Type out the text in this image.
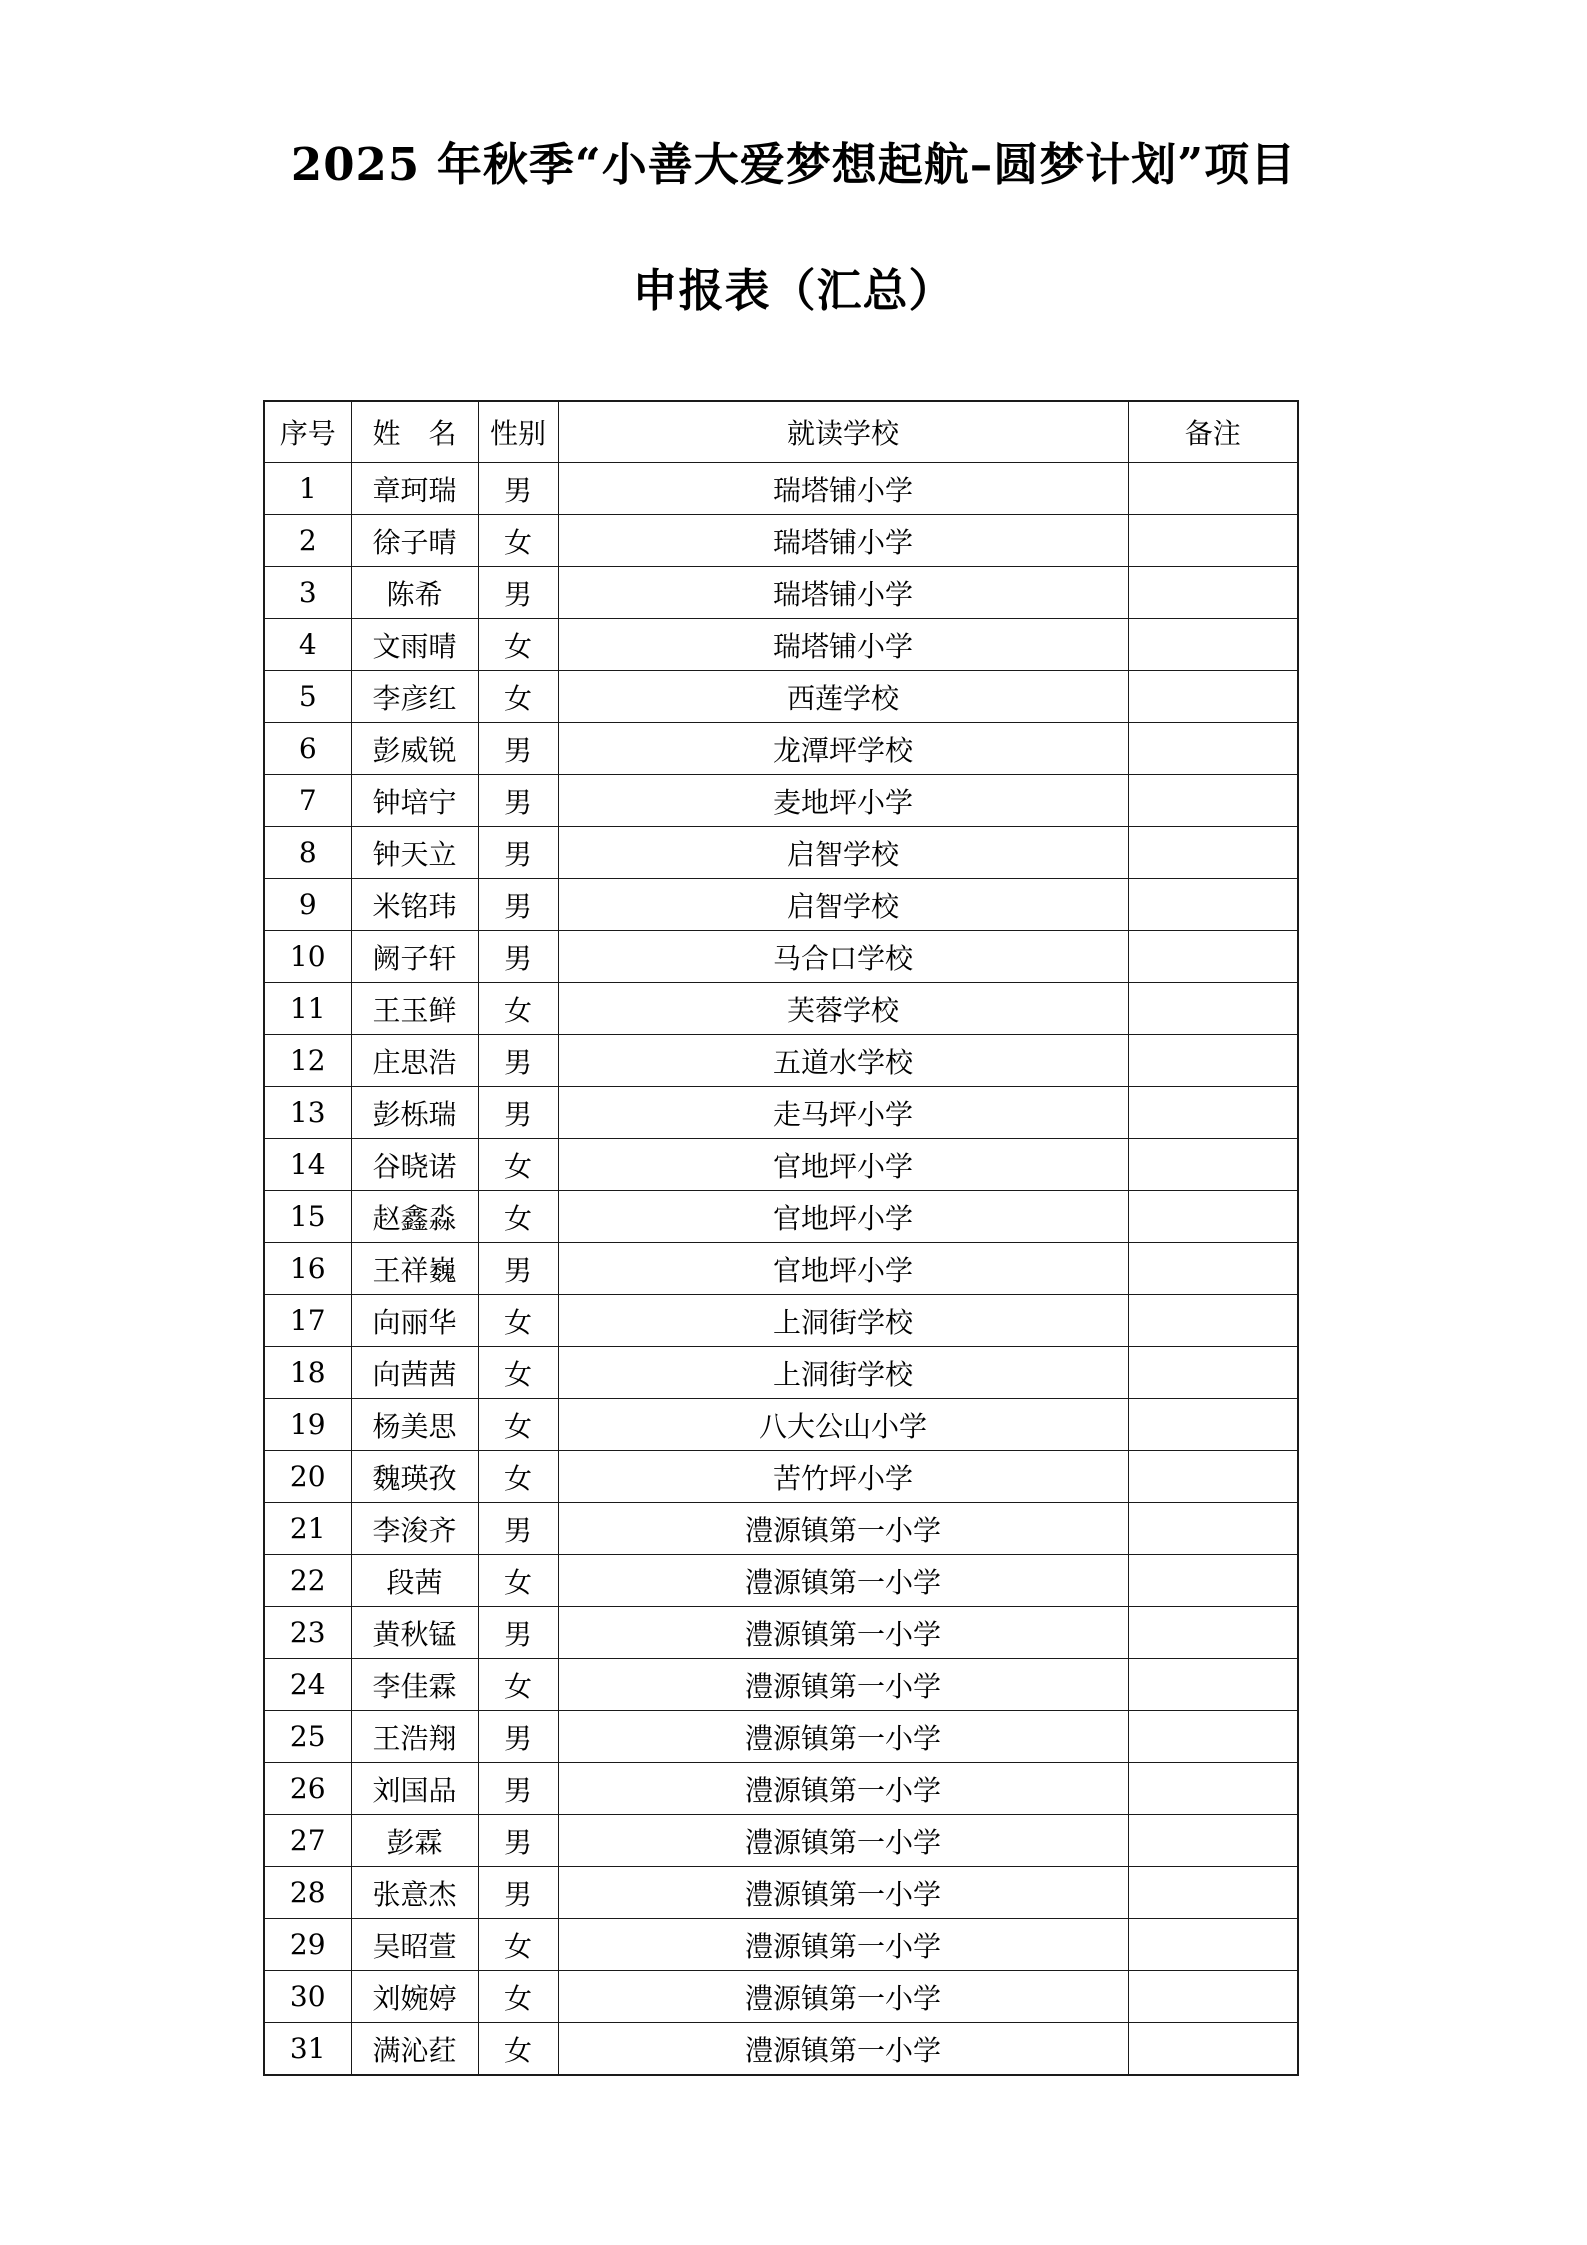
2025 年秋季“小善大爱梦想起航–圆梦计划”项目
申报表（汇总）
序号	姓　名	性别	就读学校	备注
1	章珂瑞	男	瑞塔铺小学	
2	徐子晴	女	瑞塔铺小学	
3	陈希	男	瑞塔铺小学	
4	文雨晴	女	瑞塔铺小学	
5	李彦红	女	西莲学校	
6	彭威锐	男	龙潭坪学校	
7	钟培宁	男	麦地坪小学	
8	钟天立	男	启智学校	
9	米铭玮	男	启智学校	
10	阙子轩	男	马合口学校	
11	王玉鲜	女	芙蓉学校	
12	庄思浩	男	五道水学校	
13	彭栎瑞	男	走马坪小学	
14	谷晓诺	女	官地坪小学	
15	赵鑫淼	女	官地坪小学	
16	王祥巍	男	官地坪小学	
17	向丽华	女	上洞街学校	
18	向茜茜	女	上洞街学校	
19	杨美思	女	八大公山小学	
20	魏瑛孜	女	苦竹坪小学	
21	李浚齐	男	澧源镇第一小学	
22	段茜	女	澧源镇第一小学	
23	黄秋锰	男	澧源镇第一小学	
24	李佳霖	女	澧源镇第一小学	
25	王浩翔	男	澧源镇第一小学	
26	刘国品	男	澧源镇第一小学	
27	彭霖	男	澧源镇第一小学	
28	张意杰	男	澧源镇第一小学	
29	吴昭萱	女	澧源镇第一小学	
30	刘婉婷	女	澧源镇第一小学	
31	满沁荭	女	澧源镇第一小学	
